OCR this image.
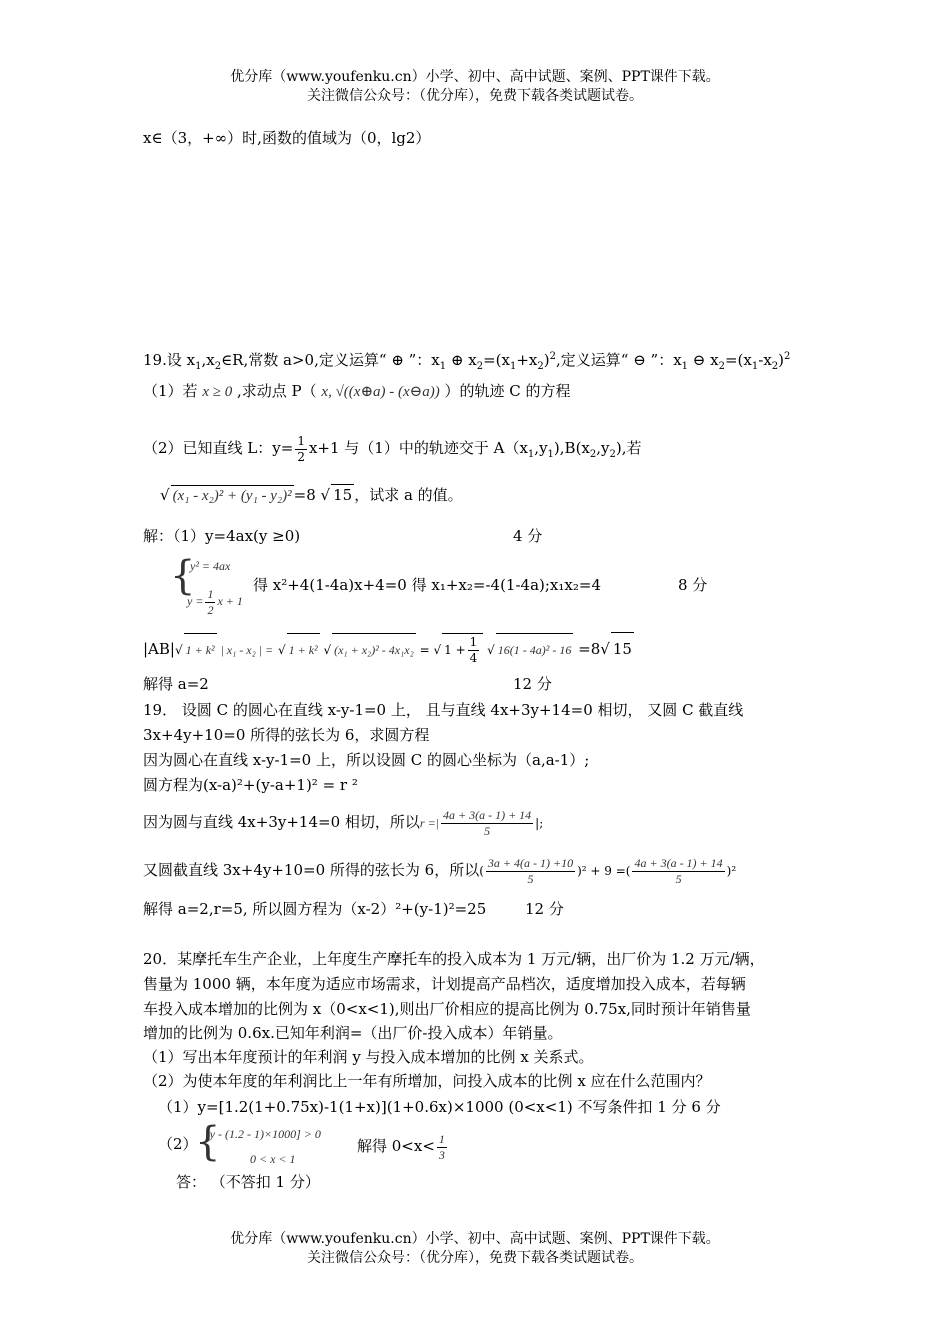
优分库（www.youfenku.cn）小学、初中、高中试题、案例、PPT课件下载。
关注微信公众号：（优分库），免费下载各类试题试卷。
x∈（3，+∞）时,函数的值域为（0，lg2）
19.设 $x_1,x_2\in R$,常数 a>0,定义运算“ ⊕ ”：$x_1$ ⊕ $x_2=(x_1+x_2)^2$,定义运算“ ⊖ ”：$x_1$ ⊖ $x_2=(x_1-x_2)^2$
（1）若 x ≥ 0 ,求动点 P（ x, √((x⊕a) - (x⊖a)) ）的轨迹 C 的方程
（2）已知直线 L：$y= \frac{1}{2} x+1$ 与（1）中的轨迹交于 $A(x_1,y_1),B(x_2,y_2)$,若
√ (x₁ - x₂)² + (y₁ - y₂)² =8 √ 15 ，试求 a 的值。
解：（1）y=4ax(y ≥0)	4 分
{
y² = 4ax
$y = \frac{1}{2}$ x + 1
得 x²+4(1-4a)x+4=0 得 x₁+x₂=-4(1-4a);x₁x₂=4	8 分
|AB|√ 1 + k² | x₁ - x₂ | = √ 1 + k² √ (x₁ + x₂)² - 4x₁x₂ = √ $1 + \frac{1}{4}$ √ 16(1 - 4a)² - 16 =8√ 15
解得 a=2	12 分
19． 设圆 C 的圆心在直线 x-y-1=0 上， 且与直线 4x+3y+14=0 相切， 又圆 C 截直线
3x+4y+10=0 所得的弦长为 6，求圆方程
因为圆心在直线 x-y-1=0 上，所以设圆 C 的圆心坐标为（a,a-1）;
圆方程为(x-a)²+(y-a+1)² = r ²
因为圆与直线 4x+3y+14=0 相切，所以r =| $\frac{4a + 3(a - 1) + 14}{5}$ |;
又圆截直线 3x+4y+10=0 所得的弦长为 6，所以( $\frac{3a + 4(a - 1) +10}{5} )^2 + 9$ =( $\frac{4a + 3(a - 1) + 14}{5} )^2$
解得 a=2,r=5, 所以圆方程为（x-2）²+(y-1)²=25	12 分
20．某摩托车生产企业，上年度生产摩托车的投入成本为 1 万元/辆，出厂价为 1.2 万元/辆，
售量为 1000 辆，本年度为适应市场需求，计划提高产品档次，适度增加投入成本，若每辆
车投入成本增加的比例为 x（0<x<1),则出厂价相应的提高比例为 0.75x,同时预计年销售量
增加的比例为 0.6x.已知年利润=（出厂价-投入成本）年销量。
（1）写出本年度预计的年利润 y 与投入成本增加的比例 x 关系式。
（2）为使本年度的年利润比上一年有所增加，问投入成本的比例 x 应在什么范围内？
（1）y=[1.2(1+0.75x)-1(1+x)](1+0.6x)×1000 (0<x<1) 不写条件扣 1 分 6 分
（2）
{
[y - (1.2 - 1)×1000] > 0
0 < x < 1
解得 $0<x< \frac{1}{3}$
答： （不答扣 1 分）
优分库（www.youfenku.cn）小学、初中、高中试题、案例、PPT课件下载。
关注微信公众号：（优分库），免费下载各类试题试卷。
